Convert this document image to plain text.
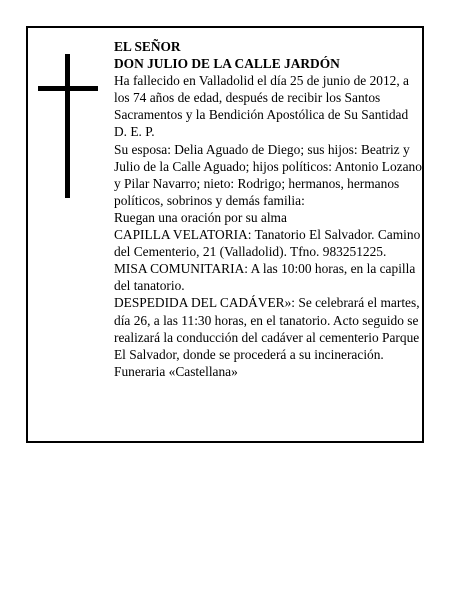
EL SEÑOR

DON JULIO DE LA CALLE JARDÓN

Ha fallecido en Valladolid el día 25 de junio de 2012, a los 74 años de edad, después de recibir los Santos Sacramentos y la Bendición Apostólica de Su Santidad D. E. P.

Su esposa: Delia Aguado de Diego; sus hijos: Beatriz y Julio de la Calle Aguado; hijos políticos: Antonio Lozano y Pilar Navarro; nieto: Rodrigo; hermanos, hermanos políticos, sobrinos y demás familia:

Ruegan una oración por su alma

CAPILLA VELATORIA: Tanatorio El Salvador. Camino del Cementerio, 21 (Valladolid). Tfno. 983251225. MISA COMUNITARIA: A las 10:00 horas, en la capilla del tanatorio.

DESPEDIDA DEL CADÁVER»: Se celebrará el martes, día 26, a las 11:30 horas, en el tanatorio. Acto seguido se realizará la conducción del cadáver al cementerio Parque El Salvador, donde se procederá a su incineración.

Funeraria «Castellana»
